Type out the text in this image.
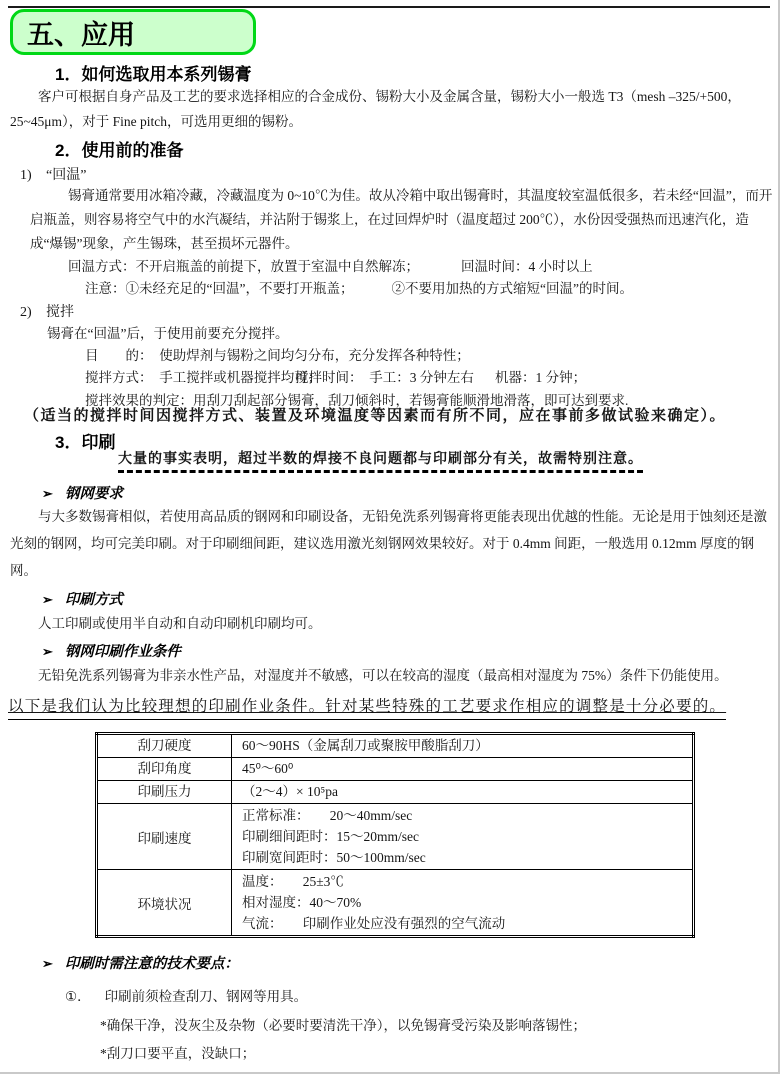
五、应用
1．如何选取用本系列锡膏
客户可根据自身产品及工艺的要求选择相应的合金成份、锡粉大小及金属含量，锡粉大小一般选 T3（mesh –325/+500，25~45μm），对于 Fine pitch，可选用更细的锡粉。
2．使用前的准备
1) “回温”
锡膏通常要用冰箱冷藏，冷藏温度为 0~10℃为佳。故从冷箱中取出锡膏时，其温度较室温低很多，若未经“回温”，而开启瓶盖，则容易将空气中的水汽凝结，并沾附于锡浆上，在过回焊炉时（温度超过 200℃），水份因受强热而迅速汽化，造成“爆锡”现象，产生锡珠，甚至损坏元器件。
回温方式：不开启瓶盖的前提下，放置于室温中自然解冻；	回温时间：4 小时以上
注意：①未经充足的“回温”，不要打开瓶盖；	②不要用加热的方式缩短“回温”的时间。
2) 搅拌
锡膏在“回温”后，于使用前要充分搅拌。
目　　的：　使助焊剂与锡粉之间均匀分布，充分发挥各种特性；
搅拌方式：　手工搅拌或机器搅拌均可；
搅拌时间：　手工：3 分钟左右 机器：1 分钟；
搅拌效果的判定：用刮刀刮起部分锡膏，刮刀倾斜时，若锡膏能顺滑地滑落，即可达到要求.
（适当的搅拌时间因搅拌方式、装置及环境温度等因素而有所不同，应在事前多做试验来确定）。
3．印刷
大量的事实表明，超过半数的焊接不良问题都与印刷部分有关，故需特别注意。
➢ 钢网要求
与大多数锡膏相似，若使用高品质的钢网和印刷设备，无铅免洗系列锡膏将更能表现出优越的性能。无论是用于蚀刻还是激光刻的钢网，均可完美印刷。对于印刷细间距，建议选用激光刻钢网效果较好。对于 0.4mm 间距，一般选用 0.12mm 厚度的钢网。
➢ 印刷方式
人工印刷或使用半自动和自动印刷机印刷均可。
➢ 钢网印刷作业条件
无铅免洗系列锡膏为非亲水性产品，对湿度并不敏感，可以在较高的湿度（最高相对湿度为 75%）条件下仍能使用。
以下是我们认为比较理想的印刷作业条件。针对某些特殊的工艺要求作相应的调整是十分必要的。
刮刀硬度	60～90HS（金属刮刀或聚胺甲酸脂刮刀）
刮印角度	45⁰～60⁰
印刷压力	（2～4）× 10⁵pa
印刷速度	正常标准：　　20～40mm/sec
印刷细间距时：15～20mm/sec
印刷宽间距时：50～100mm/sec

环境状况	温度：　　25±3℃
相对湿度：40～70%
气流：　　印刷作业处应没有强烈的空气流动
➢ 印刷时需注意的技术要点：
①． 印刷前须检查刮刀、钢网等用具。
*确保干净，没灰尘及杂物（必要时要清洗干净），以免锡膏受污染及影响落锡性；
*刮刀口要平直，没缺口；
